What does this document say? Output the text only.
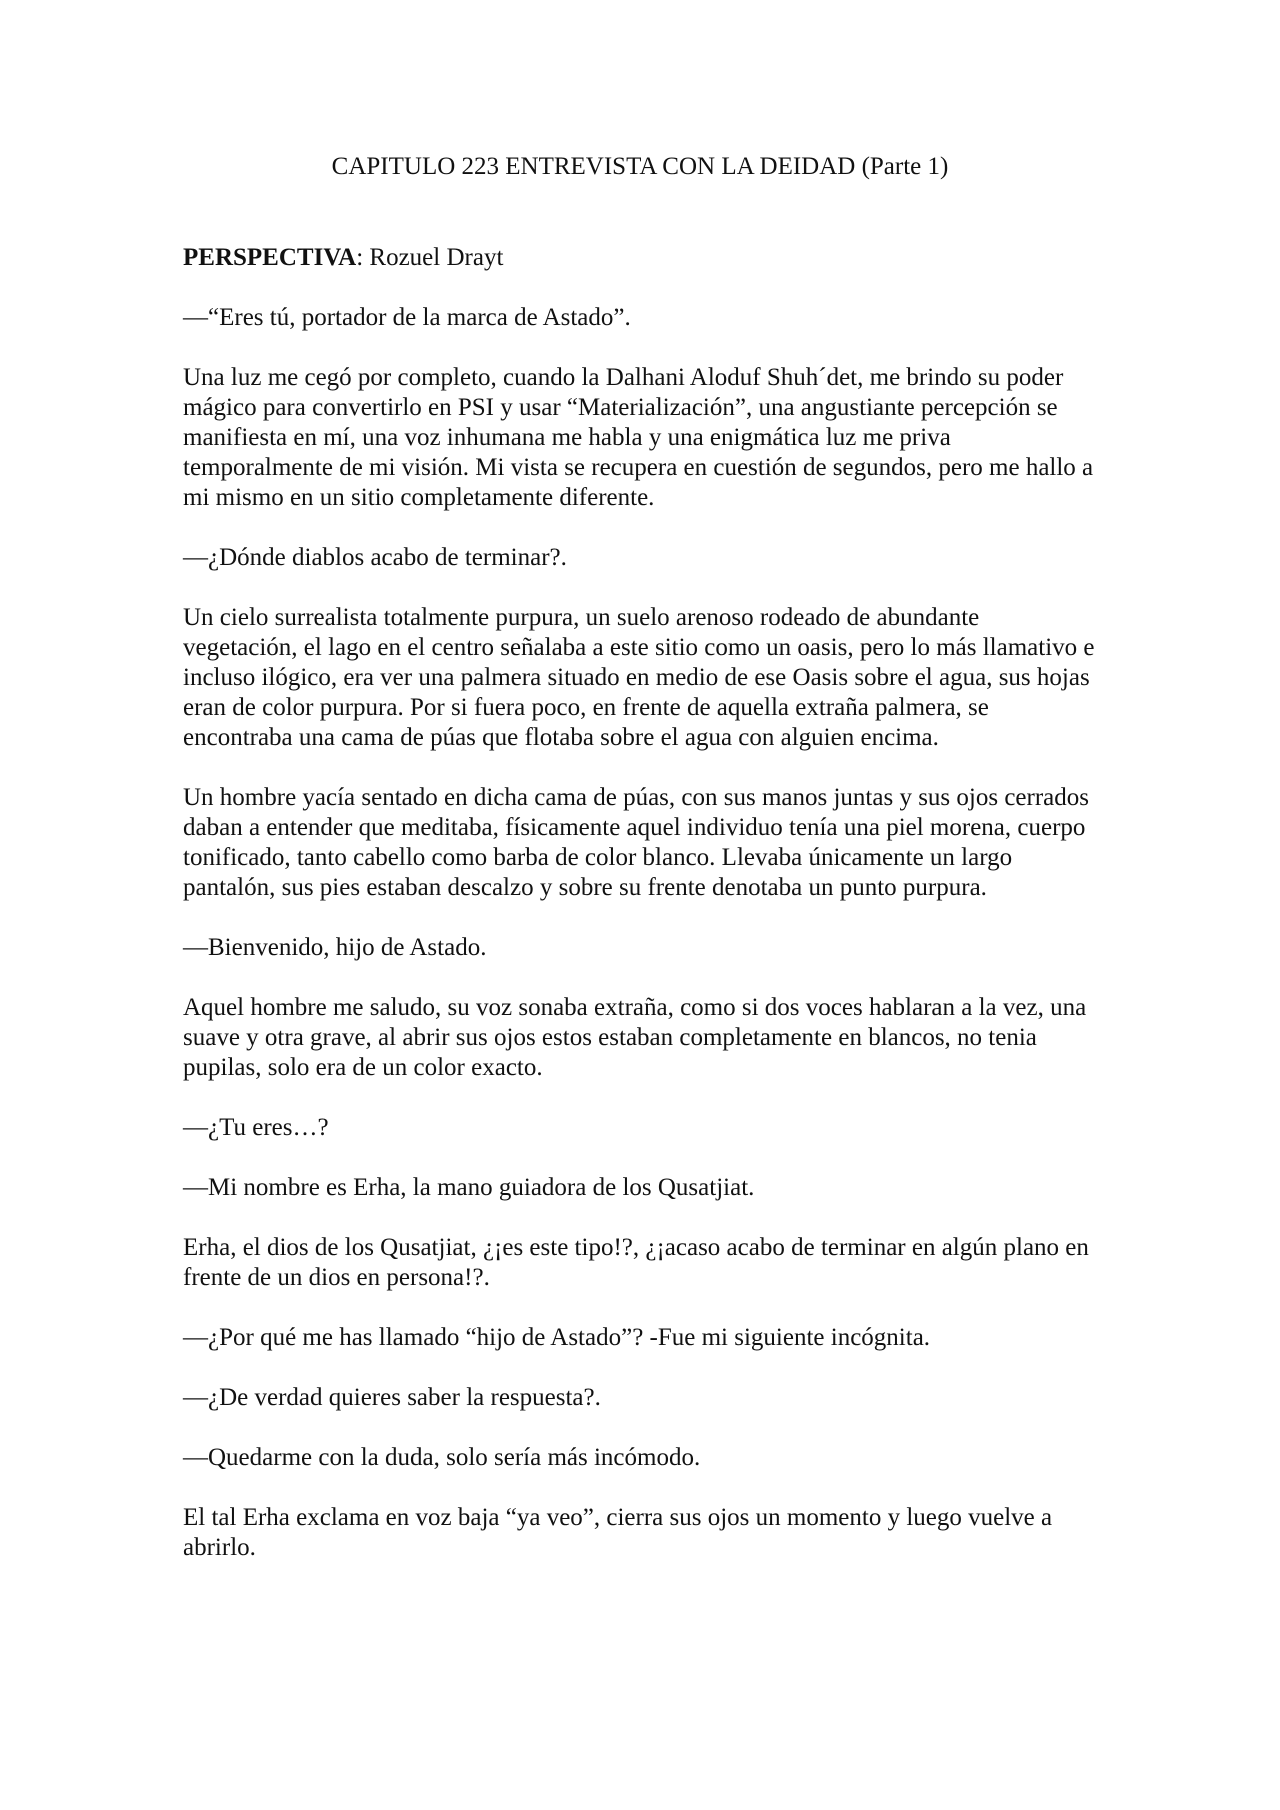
CAPITULO 223 ENTREVISTA CON LA DEIDAD (Parte 1)

PERSPECTIVA: Rozuel Drayt

—“Eres tú, portador de la marca de Astado”.

Una luz me cegó por completo, cuando la Dalhani Aloduf Shuh´det, me brindo su poder mágico para convertirlo en PSI y usar “Materialización”, una angustiante percepción se manifiesta en mí, una voz inhumana me habla y una enigmática luz me priva temporalmente de mi visión. Mi vista se recupera en cuestión de segundos, pero me hallo a mi mismo en un sitio completamente diferente.

—¿Dónde diablos acabo de terminar?.

Un cielo surrealista totalmente purpura, un suelo arenoso rodeado de abundante vegetación, el lago en el centro señalaba a este sitio como un oasis, pero lo más llamativo e incluso ilógico, era ver una palmera situado en medio de ese Oasis sobre el agua, sus hojas eran de color purpura. Por si fuera poco, en frente de aquella extraña palmera, se encontraba una cama de púas que flotaba sobre el agua con alguien encima.

Un hombre yacía sentado en dicha cama de púas, con sus manos juntas y sus ojos cerrados daban a entender que meditaba, físicamente aquel individuo tenía una piel morena, cuerpo tonificado, tanto cabello como barba de color blanco. Llevaba únicamente un largo pantalón, sus pies estaban descalzo y sobre su frente denotaba un punto purpura.

—Bienvenido, hijo de Astado.

Aquel hombre me saludo, su voz sonaba extraña, como si dos voces hablaran a la vez, una suave y otra grave, al abrir sus ojos estos estaban completamente en blancos, no tenia pupilas, solo era de un color exacto.

—¿Tu eres…?

—Mi nombre es Erha, la mano guiadora de los Qusatjiat.

Erha, el dios de los Qusatjiat, ¿¡es este tipo!?, ¿¡acaso acabo de terminar en algún plano en frente de un dios en persona!?.

—¿Por qué me has llamado “hijo de Astado”? -Fue mi siguiente incógnita.

—¿De verdad quieres saber la respuesta?.

—Quedarme con la duda, solo sería más incómodo.

El tal Erha exclama en voz baja “ya veo”, cierra sus ojos un momento y luego vuelve a abrirlo.
